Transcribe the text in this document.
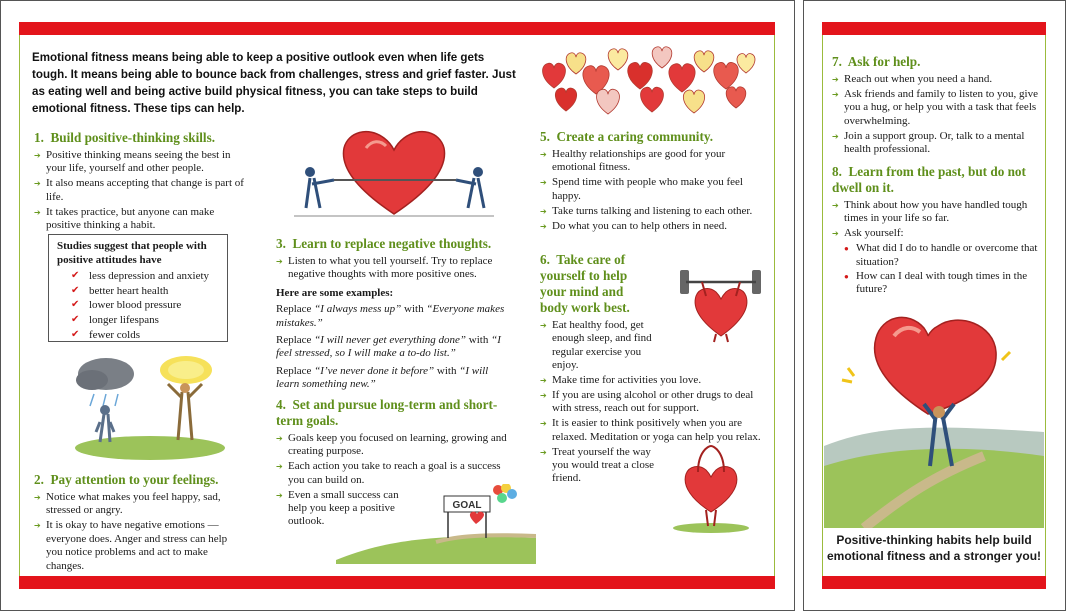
Emotional fitness means being able to keep a positive outlook even when life gets tough. It means being able to bounce back from challenges, stress and grief faster. Just as eating well and being active build physical fitness, you can take steps to build emotional fitness. These tips can help.
1.  Build positive-thinking skills.
➔ Positive thinking means seeing the best in your life, yourself and other people.
➔ It also means accepting that change is part of life.
➔ It takes practice, but anyone can make positive thinking a habit.
Studies suggest that people with positive attitudes have
✔ less depression and anxiety
✔ better heart health
✔ lower blood pressure
✔ longer lifespans
✔ fewer colds
2.  Pay attention to your feelings.
➔ Notice what makes you feel happy, sad, stressed or angry.
➔ It is okay to have negative emotions — everyone does. Anger and stress can help you notice problems and act to make changes.
3.  Learn to replace negative thoughts.
➔ Listen to what you tell yourself. Try to replace negative thoughts with more positive ones.
Here are some examples:
Replace “I always mess up” with “Everyone makes mistakes.”
Replace “I will never get everything done” with “I feel stressed, so I will make a to-do list.”
Replace “I’ve never done it before” with “I will learn something new.”
4.  Set and pursue long-term and short-term goals.
➔ Goals keep you focused on learning, growing and creating purpose.
➔ Each action you take to reach a goal is a success you can build on.
➔ Even a small success can help you keep a positive outlook.
GOAL
5.  Create a caring community.
➔ Healthy relationships are good for your emotional fitness.
➔ Spend time with people who make you feel happy.
➔ Take turns talking and listening to each other.
➔ Do what you can to help others in need.
6.  Take care of yourself to help your mind and body work best.
➔ Eat healthy food, get enough sleep, and find regular exercise you enjoy.
➔ Make time for activities you love.
➔ If you are using alcohol or other drugs to deal with stress, reach out for support.
➔ It is easier to think positively when you are relaxed. Meditation or yoga can help you relax.
➔ Treat yourself the way you would treat a close friend.
7.  Ask for help.
➔ Reach out when you need a hand.
➔ Ask friends and family to listen to you, give you a hug, or help you with a task that feels overwhelming.
➔ Join a support group. Or, talk to a mental health professional.
8.  Learn from the past, but do not dwell on it.
➔ Think about how you have handled tough times in your life so far.
➔ Ask yourself:
● What did I do to handle or overcome that situation?
● How can I deal with tough times in the future?
Positive-thinking habits help build emotional fitness and a stronger you!
